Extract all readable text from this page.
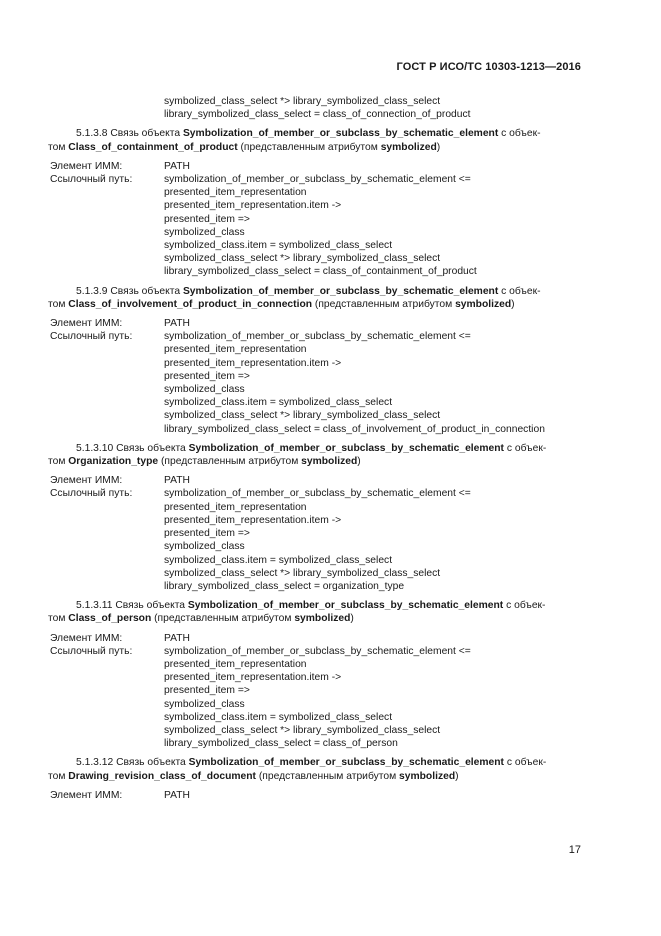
ГОСТ Р ИСО/ТС 10303-1213—2016
symbolized_class_select *> library_symbolized_class_select
library_symbolized_class_select = class_of_connection_of_product
5.1.3.8 Связь объекта Symbolization_of_member_or_subclass_by_schematic_element с объек-
том Class_of_containment_of_product (представленным атрибутом symbolized)
Элемент ИММ:	PATH
Ссылочный путь:	symbolization_of_member_or_subclass_by_schematic_element <=
presented_item_representation
presented_item_representation.item ->
presented_item =>
symbolized_class
symbolized_class.item = symbolized_class_select
symbolized_class_select *> library_symbolized_class_select
library_symbolized_class_select = class_of_containment_of_product
5.1.3.9 Связь объекта Symbolization_of_member_or_subclass_by_schematic_element с объек-
том Class_of_involvement_of_product_in_connection (представленным атрибутом symbolized)
Элемент ИММ:	PATH
Ссылочный путь:	symbolization_of_member_or_subclass_by_schematic_element <=
presented_item_representation
presented_item_representation.item ->
presented_item =>
symbolized_class
symbolized_class.item = symbolized_class_select
symbolized_class_select *> library_symbolized_class_select
library_symbolized_class_select = class_of_involvement_of_product_in_connection
5.1.3.10 Связь объекта Symbolization_of_member_or_subclass_by_schematic_element с объек-
том Organization_type (представленным атрибутом symbolized)
Элемент ИММ:	PATH
Ссылочный путь:	symbolization_of_member_or_subclass_by_schematic_element <=
presented_item_representation
presented_item_representation.item ->
presented_item =>
symbolized_class
symbolized_class.item = symbolized_class_select
symbolized_class_select *> library_symbolized_class_select
library_symbolized_class_select = organization_type
5.1.3.11 Связь объекта Symbolization_of_member_or_subclass_by_schematic_element с объек-
том Class_of_person (представленным атрибутом symbolized)
Элемент ИММ:	PATH
Ссылочный путь:	symbolization_of_member_or_subclass_by_schematic_element <=
presented_item_representation
presented_item_representation.item ->
presented_item =>
symbolized_class
symbolized_class.item = symbolized_class_select
symbolized_class_select *> library_symbolized_class_select
library_symbolized_class_select = class_of_person
5.1.3.12 Связь объекта Symbolization_of_member_or_subclass_by_schematic_element с объек-
том Drawing_revision_class_of_document (представленным атрибутом symbolized)
Элемент ИММ:	PATH
17
